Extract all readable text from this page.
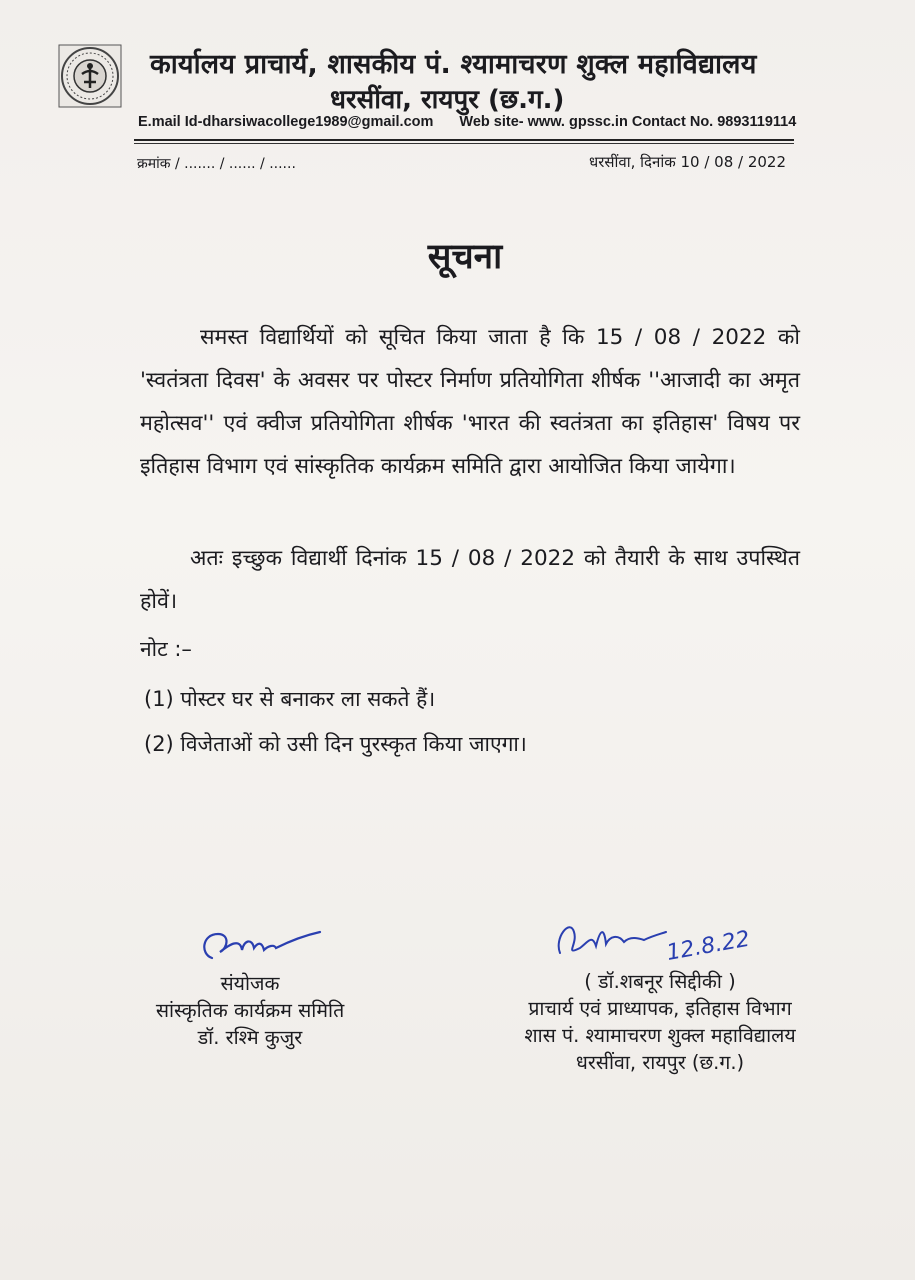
कार्यालय प्राचार्य, शासकीय पं. श्यामाचरण शुक्ल महाविद्यालय
धरसींवा, रायपुर (छ.ग.)
E.mail Id-dharsiwacollege1989@gmail.com Web site- www. gpssc.in Contact No. 9893119114
क्रमांक / ....... / ...... / ......	धरसींवा, दिनांक 10 / 08 / 2022
सूचना
समस्त विद्यार्थियों को सूचित किया जाता है कि 15 / 08 / 2022 को 'स्वतंत्रता दिवस' के अवसर पर पोस्टर निर्माण प्रतियोगिता शीर्षक ''आजादी का अमृत महोत्सव'' एवं क्वीज प्रतियोगिता शीर्षक 'भारत की स्वतंत्रता का इतिहास' विषय पर इतिहास विभाग एवं सांस्कृतिक कार्यक्रम समिति द्वारा आयोजित किया जायेगा।
अतः इच्छुक विद्यार्थी दिनांक 15 / 08 / 2022 को तैयारी के साथ उपस्थित होवें।
नोट :–
(1) पोस्टर घर से बनाकर ला सकते हैं।
(2) विजेताओं को उसी दिन पुरस्कृत किया जाएगा।
संयोजक
सांस्कृतिक कार्यक्रम समिति
डॉ. रश्मि कुजुर
12.8.22
( डॉ.शबनूर सिद्दीकी )
प्राचार्य एवं प्राध्यापक, इतिहास विभाग
शास पं. श्यामाचरण शुक्ल महाविद्यालय
धरसींवा, रायपुर (छ.ग.)
